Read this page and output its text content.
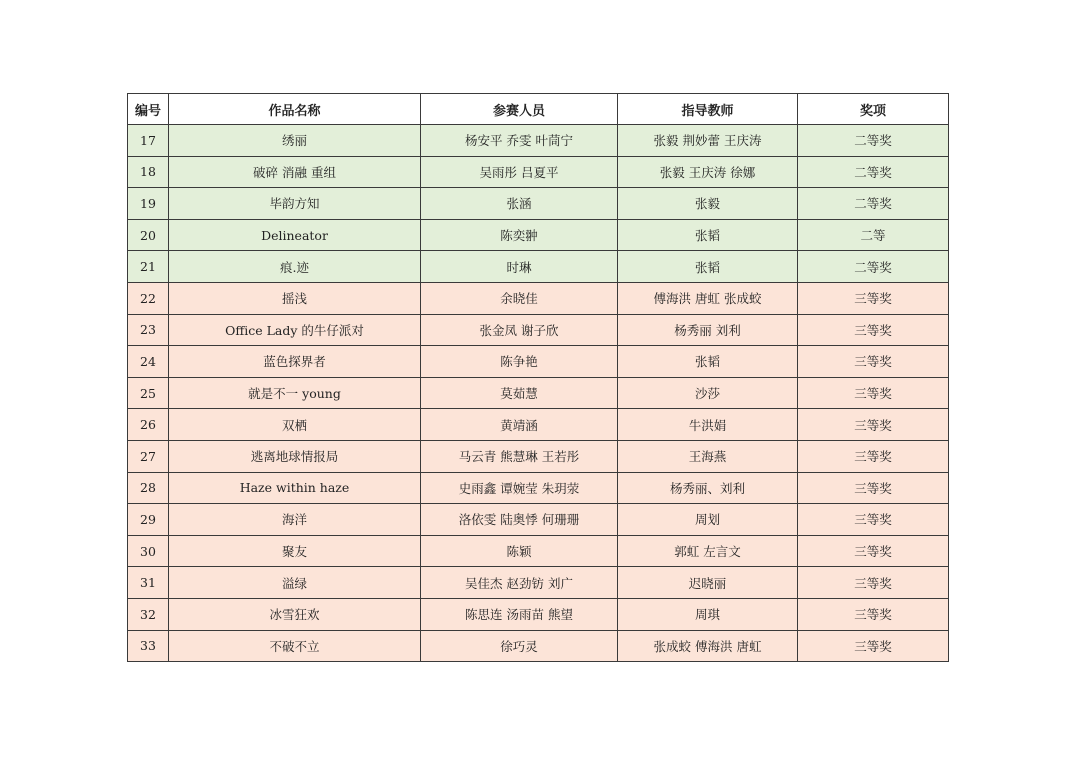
编号	作品名称	参赛人员	指导教师	奖项
17	绣丽	杨安平 乔雯 叶茼宁	张毅 荆妙蕾 王庆涛	二等奖
18	破碎 消融 重组	吴雨彤 吕夏平	张毅 王庆涛 徐娜	二等奖
19	毕韵方知	张涵	张毅	二等奖
20	Delineator	陈奕翀	张韬	二等
21	痕.迹	时琳	张韬	二等奖
22	摇浅	余晓佳	傅海洪 唐虹 张成蛟	三等奖
23	Office Lady 的牛仔派对	张金凤 谢子欣	杨秀丽 刘利	三等奖
24	蓝色探界者	陈争艳	张韬	三等奖
25	就是不一 young	莫茹慧	沙莎	三等奖
26	双栖	黄靖涵	牛洪娟	三等奖
27	逃离地球情报局	马云青 熊慧琳 王若彤	王海燕	三等奖
28	Haze within haze	史雨鑫 谭婉莹 朱玥荥	杨秀丽、刘利	三等奖
29	海洋	洛依雯 陆奥悸 何珊珊	周划	三等奖
30	聚友	陈颖	郭虹 左言文	三等奖
31	溢绿	吴佳杰 赵劲钫 刘广	迟晓丽	三等奖
32	冰雪狂欢	陈思连 汤雨苗 熊望	周琪	三等奖
33	不破不立	徐巧灵	张成蛟 傅海洪 唐虹	三等奖
